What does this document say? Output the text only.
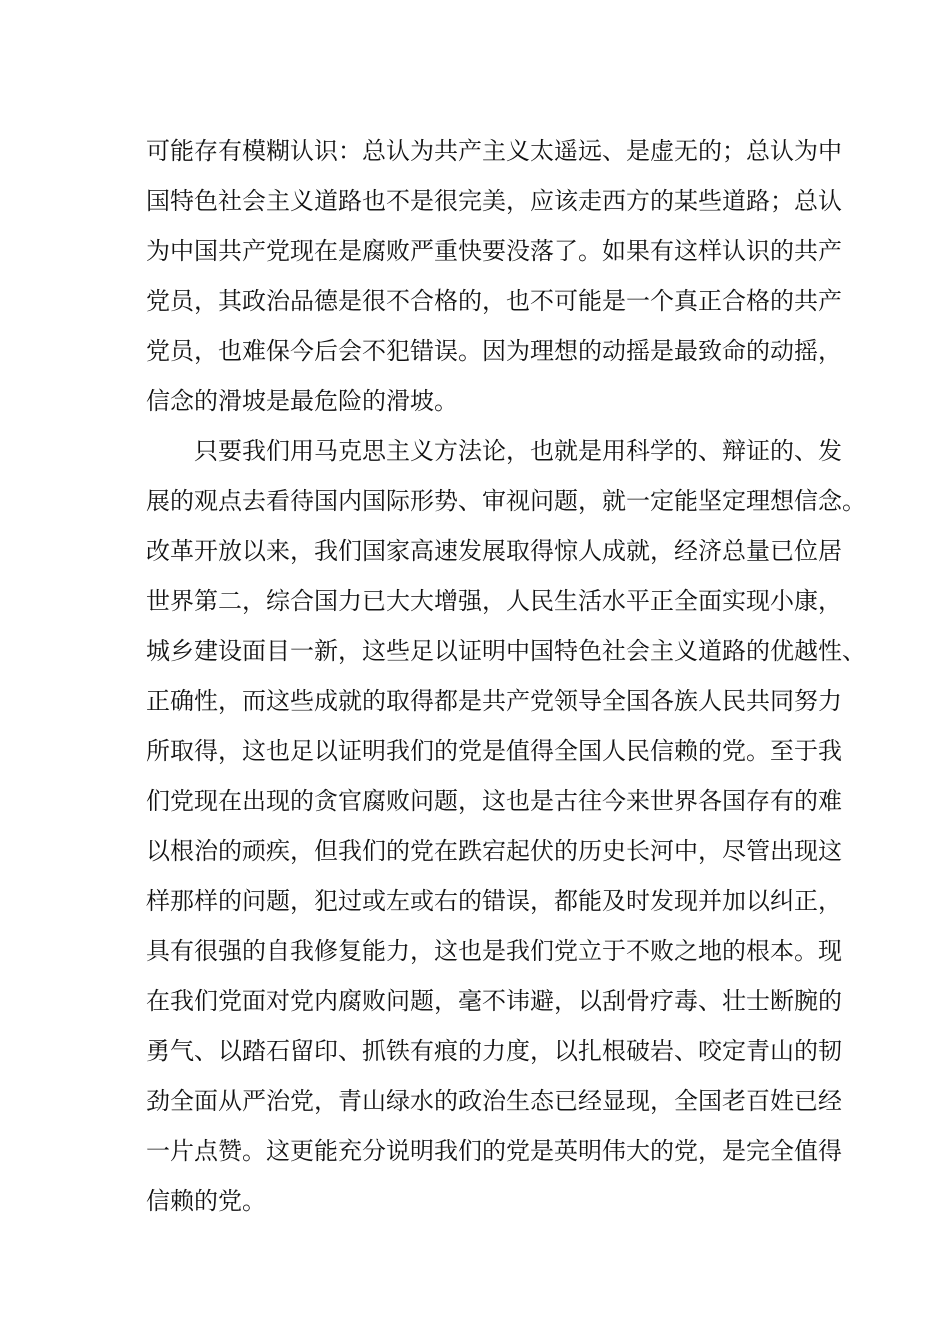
可能存有模糊认识：总认为共产主义太遥远、是虚无的；总认为中
国特色社会主义道路也不是很完美，应该走西方的某些道路；总认
为中国共产党现在是腐败严重快要没落了。如果有这样认识的共产
党员，其政治品德是很不合格的，也不可能是一个真正合格的共产
党员，也难保今后会不犯错误。因为理想的动摇是最致命的动摇，
信念的滑坡是最危险的滑坡。
只要我们用马克思主义方法论，也就是用科学的、辩证的、发
展的观点去看待国内国际形势、审视问题，就一定能坚定理想信念。
改革开放以来，我们国家高速发展取得惊人成就，经济总量已位居
世界第二，综合国力已大大增强，人民生活水平正全面实现小康，
城乡建设面目一新，这些足以证明中国特色社会主义道路的优越性、
正确性，而这些成就的取得都是共产党领导全国各族人民共同努力
所取得，这也足以证明我们的党是值得全国人民信赖的党。至于我
们党现在出现的贪官腐败问题，这也是古往今来世界各国存有的难
以根治的顽疾，但我们的党在跌宕起伏的历史长河中，尽管出现这
样那样的问题，犯过或左或右的错误，都能及时发现并加以纠正，
具有很强的自我修复能力，这也是我们党立于不败之地的根本。现
在我们党面对党内腐败问题，毫不讳避，以刮骨疗毒、壮士断腕的
勇气、以踏石留印、抓铁有痕的力度，以扎根破岩、咬定青山的韧
劲全面从严治党，青山绿水的政治生态已经显现，全国老百姓已经
一片点赞。这更能充分说明我们的党是英明伟大的党，是完全值得
信赖的党。
